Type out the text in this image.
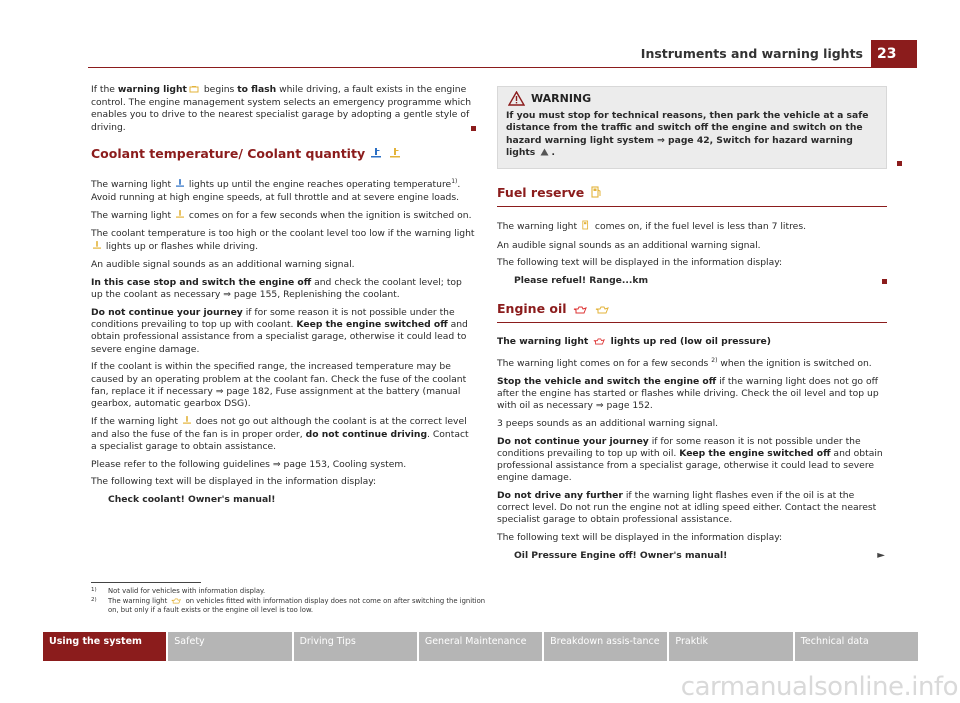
Instruments and warning lights	23

If the warning light begins to flash while driving, a fault exists in the engine control. The engine management system selects an emergency programme which enables you to drive to the nearest specialist garage by adopting a gentle style of driving.

Coolant temperature/ Coolant quantity

The warning light  lights up until the engine reaches operating temperature$^{1)}$. Avoid running at high engine speeds, at full throttle and at severe engine loads.

The warning light  comes on for a few seconds when the ignition is switched on.

The coolant temperature is too high or the coolant level too low if the warning light  lights up or flashes while driving.

An audible signal sounds as an additional warning signal.

In this case stop and switch the engine off and check the coolant level; top up the coolant as necessary ⇒ page 155, Replenishing the coolant.

Do not continue your journey if for some reason it is not possible under the conditions prevailing to top up with coolant. Keep the engine switched off and obtain professional assistance from a specialist garage, otherwise it could lead to severe engine damage.

If the coolant is within the specified range, the increased temperature may be caused by an operating problem at the coolant fan. Check the fuse of the coolant fan, replace it if necessary ⇒ page 182, Fuse assignment at the battery (manual gearbox, automatic gearbox DSG).

If the warning light  does not go out although the coolant is at the correct level and also the fuse of the fan is in proper order, do not continue driving. Contact a specialist garage to obtain assistance.

Please refer to the following guidelines ⇒ page 153, Cooling system.

The following text will be displayed in the information display:

Check coolant! Owner's manual!

WARNING
If you must stop for technical reasons, then park the vehicle at a safe distance from the traffic and switch off the engine and switch on the hazard warning light system ⇒ page 42, Switch for hazard warning lights .
Fuel reserve

The warning light  comes on, if the fuel level is less than 7 litres.

An audible signal sounds as an additional warning signal.

The following text will be displayed in the information display:

Please refuel! Range...km

Engine oil

The warning light  lights up red (low oil pressure)

The warning light comes on for a few seconds $^{2)}$ when the ignition is switched on.

Stop the vehicle and switch the engine off if the warning light does not go off after the engine has started or flashes while driving. Check the oil level and top up with oil as necessary ⇒ page 152.

3 peeps sounds as an additional warning signal.

Do not continue your journey if for some reason it is not possible under the conditions prevailing to top up with oil. Keep the engine switched off and obtain professional assistance from a specialist garage, otherwise it could lead to severe engine damage.

Do not drive any further if the warning light flashes even if the oil is at the correct level. Do not run the engine not at idling speed either. Contact the nearest specialist garage to obtain professional assistance.

The following text will be displayed in the information display:

Oil Pressure Engine off! Owner's manual!	►

1) Not valid for vehicles with information display.
2) The warning light  on vehicles fitted with information display does not come on after switching the ignition on, but only if a fault exists or the engine oil level is too low.
Using the system	Safety	Driving Tips	General Maintenance	Breakdown assis-tance	Praktik	Technical data
carmanualsonline.info
